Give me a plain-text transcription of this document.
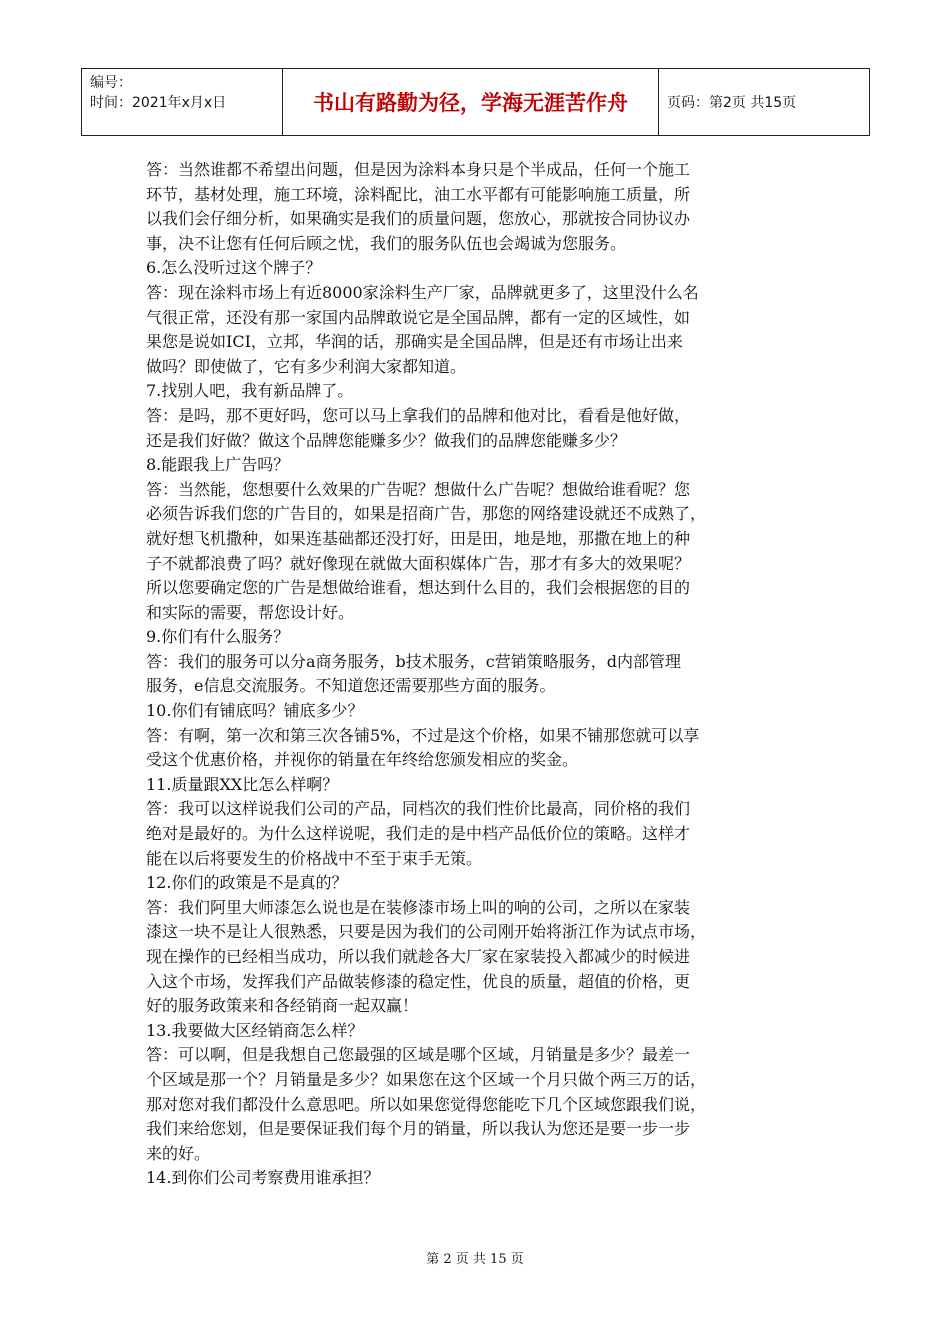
编号：
时间：2021年x月x日	书山有路勤为径，学海无涯苦作舟	页码：第2页 共15页
答：当然谁都不希望出问题，但是因为涂料本身只是个半成品，任何一个施工
环节，基材处理，施工环境，涂料配比，油工水平都有可能影响施工质量，所
以我们会仔细分析，如果确实是我们的质量问题，您放心，那就按合同协议办
事，决不让您有任何后顾之忧，我们的服务队伍也会竭诚为您服务。
6.怎么没听过这个牌子？
答：现在涂料市场上有近8000家涂料生产厂家，品牌就更多了，这里没什么名
气很正常，还没有那一家国内品牌敢说它是全国品牌，都有一定的区域性，如
果您是说如ICI，立邦，华润的话，那确实是全国品牌，但是还有市场让出来
做吗？即使做了，它有多少利润大家都知道。
7.找别人吧，我有新品牌了。
答：是吗，那不更好吗，您可以马上拿我们的品牌和他对比，看看是他好做，
还是我们好做？做这个品牌您能赚多少？做我们的品牌您能赚多少？
8.能跟我上广告吗？
答：当然能，您想要什么效果的广告呢？想做什么广告呢？想做给谁看呢？您
必须告诉我们您的广告目的，如果是招商广告，那您的网络建设就还不成熟了，
就好想飞机撒种，如果连基础都还没打好，田是田，地是地，那撒在地上的种
子不就都浪费了吗？就好像现在就做大面积媒体广告，那才有多大的效果呢？
所以您要确定您的广告是想做给谁看，想达到什么目的，我们会根据您的目的
和实际的需要，帮您设计好。
9.你们有什么服务？
答：我们的服务可以分a商务服务，b技术服务，c营销策略服务，d内部管理
服务，e信息交流服务。不知道您还需要那些方面的服务。
10.你们有铺底吗？铺底多少？
答：有啊，第一次和第三次各铺5%，不过是这个价格，如果不铺那您就可以享
受这个优惠价格，并视你的销量在年终给您颁发相应的奖金。
11.质量跟XX比怎么样啊？
答：我可以这样说我们公司的产品，同档次的我们性价比最高，同价格的我们
绝对是最好的。为什么这样说呢，我们走的是中档产品低价位的策略。这样才
能在以后将要发生的价格战中不至于束手无策。
12.你们的政策是不是真的？
答：我们阿里大师漆怎么说也是在装修漆市场上叫的响的公司，之所以在家装
漆这一块不是让人很熟悉，只要是因为我们的公司刚开始将浙江作为试点市场，
现在操作的已经相当成功，所以我们就趁各大厂家在家装投入都减少的时候进
入这个市场，发挥我们产品做装修漆的稳定性，优良的质量，超值的价格，更
好的服务政策来和各经销商一起双赢！
13.我要做大区经销商怎么样？
答：可以啊，但是我想自己您最强的区域是哪个区域，月销量是多少？最差一
个区域是那一个？月销量是多少？如果您在这个区域一个月只做个两三万的话，
那对您对我们都没什么意思吧。所以如果您觉得您能吃下几个区域您跟我们说，
我们来给您划，但是要保证我们每个月的销量，所以我认为您还是要一步一步
来的好。
14.到你们公司考察费用谁承担？
第 2 页 共 15 页
